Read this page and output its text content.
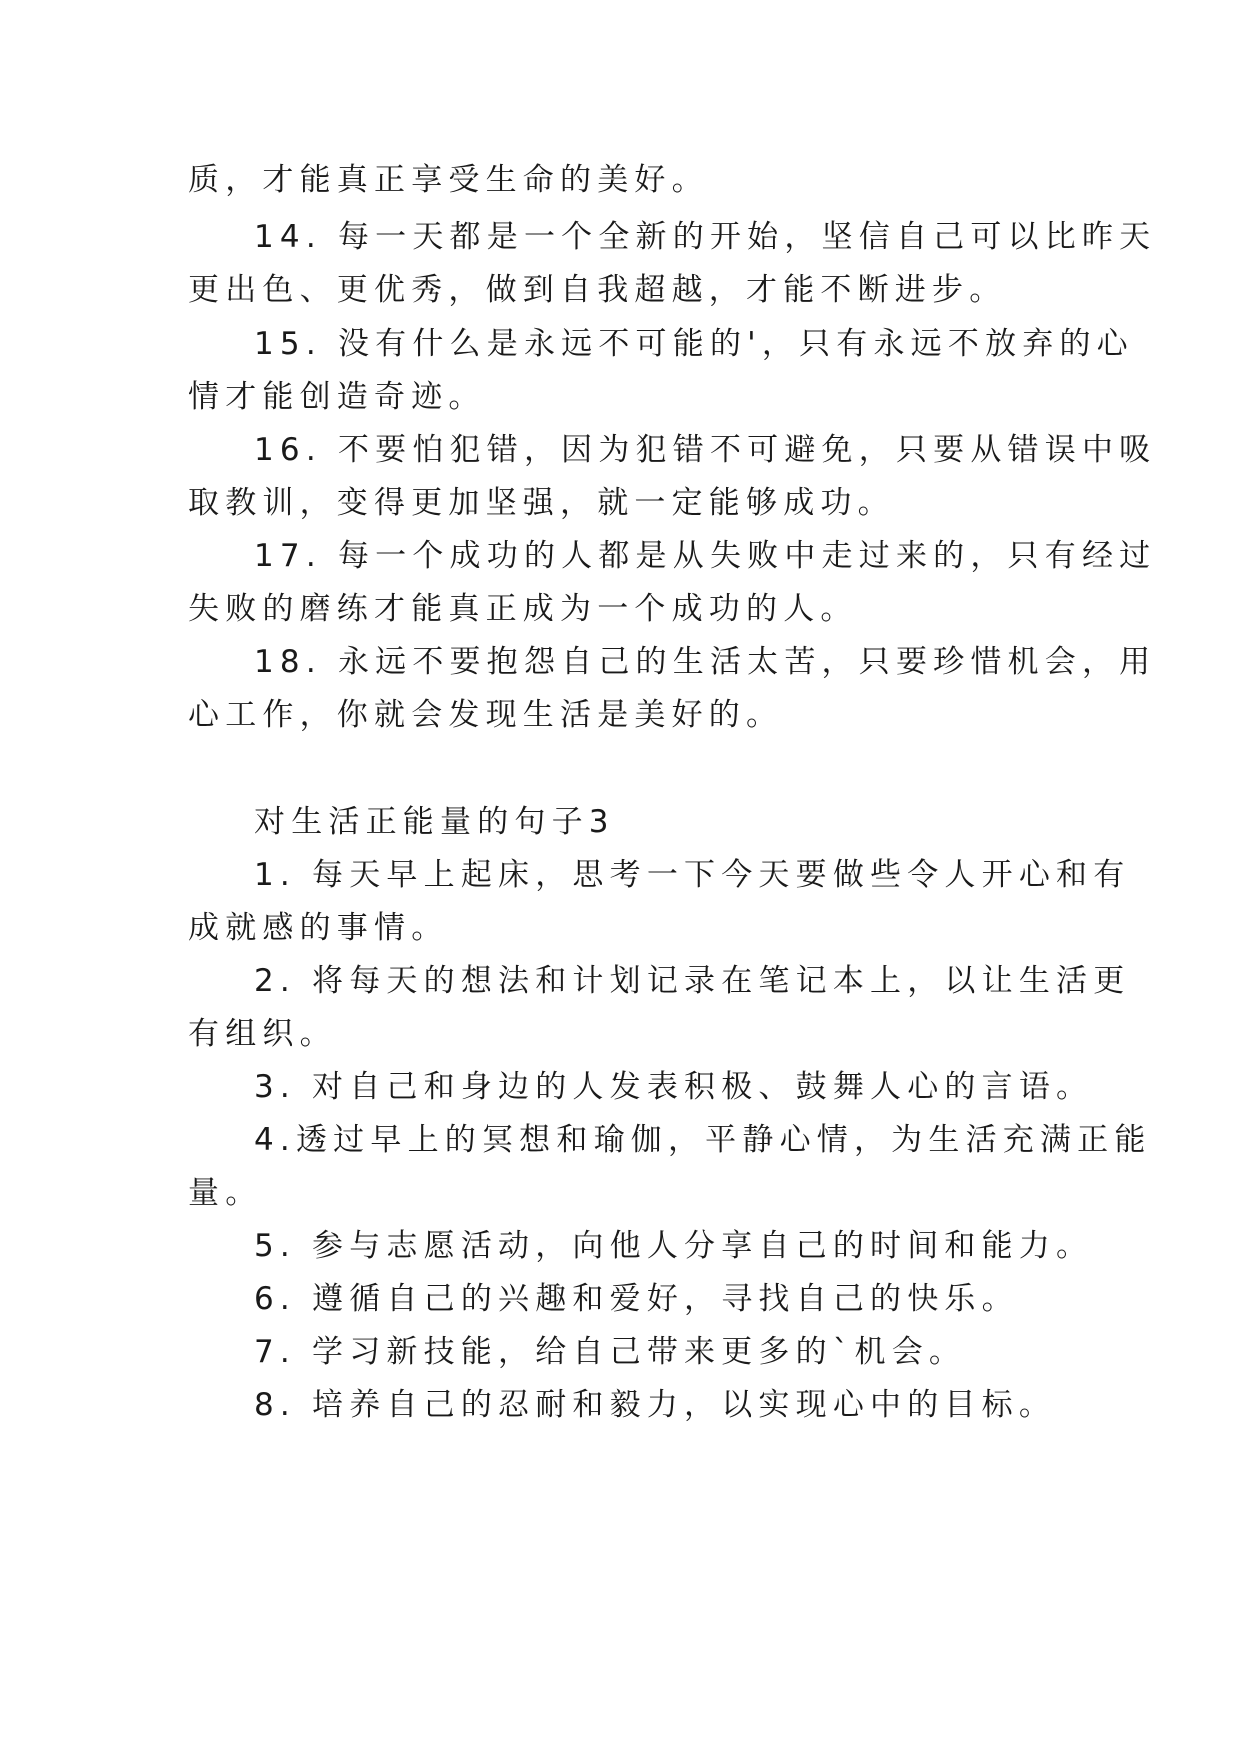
质，才能真正享受生命的美好。
14. 每一天都是一个全新的开始，坚信自己可以比昨天
更出色、更优秀，做到自我超越，才能不断进步。
15. 没有什么是永远不可能的'，只有永远不放弃的心
情才能创造奇迹。
16. 不要怕犯错，因为犯错不可避免，只要从错误中吸
取教训，变得更加坚强，就一定能够成功。
17. 每一个成功的人都是从失败中走过来的，只有经过
失败的磨练才能真正成为一个成功的人。
18. 永远不要抱怨自己的生活太苦，只要珍惜机会，用
心工作，你就会发现生活是美好的。
对生活正能量的句子3
1. 每天早上起床，思考一下今天要做些令人开心和有
成就感的事情。
2. 将每天的想法和计划记录在笔记本上，以让生活更
有组织。
3. 对自己和身边的人发表积极、鼓舞人心的言语。
4.透过早上的冥想和瑜伽，平静心情，为生活充满正能
量。
5. 参与志愿活动，向他人分享自己的时间和能力。
6. 遵循自己的兴趣和爱好，寻找自己的快乐。
7. 学习新技能，给自己带来更多的`机会。
8. 培养自己的忍耐和毅力，以实现心中的目标。
